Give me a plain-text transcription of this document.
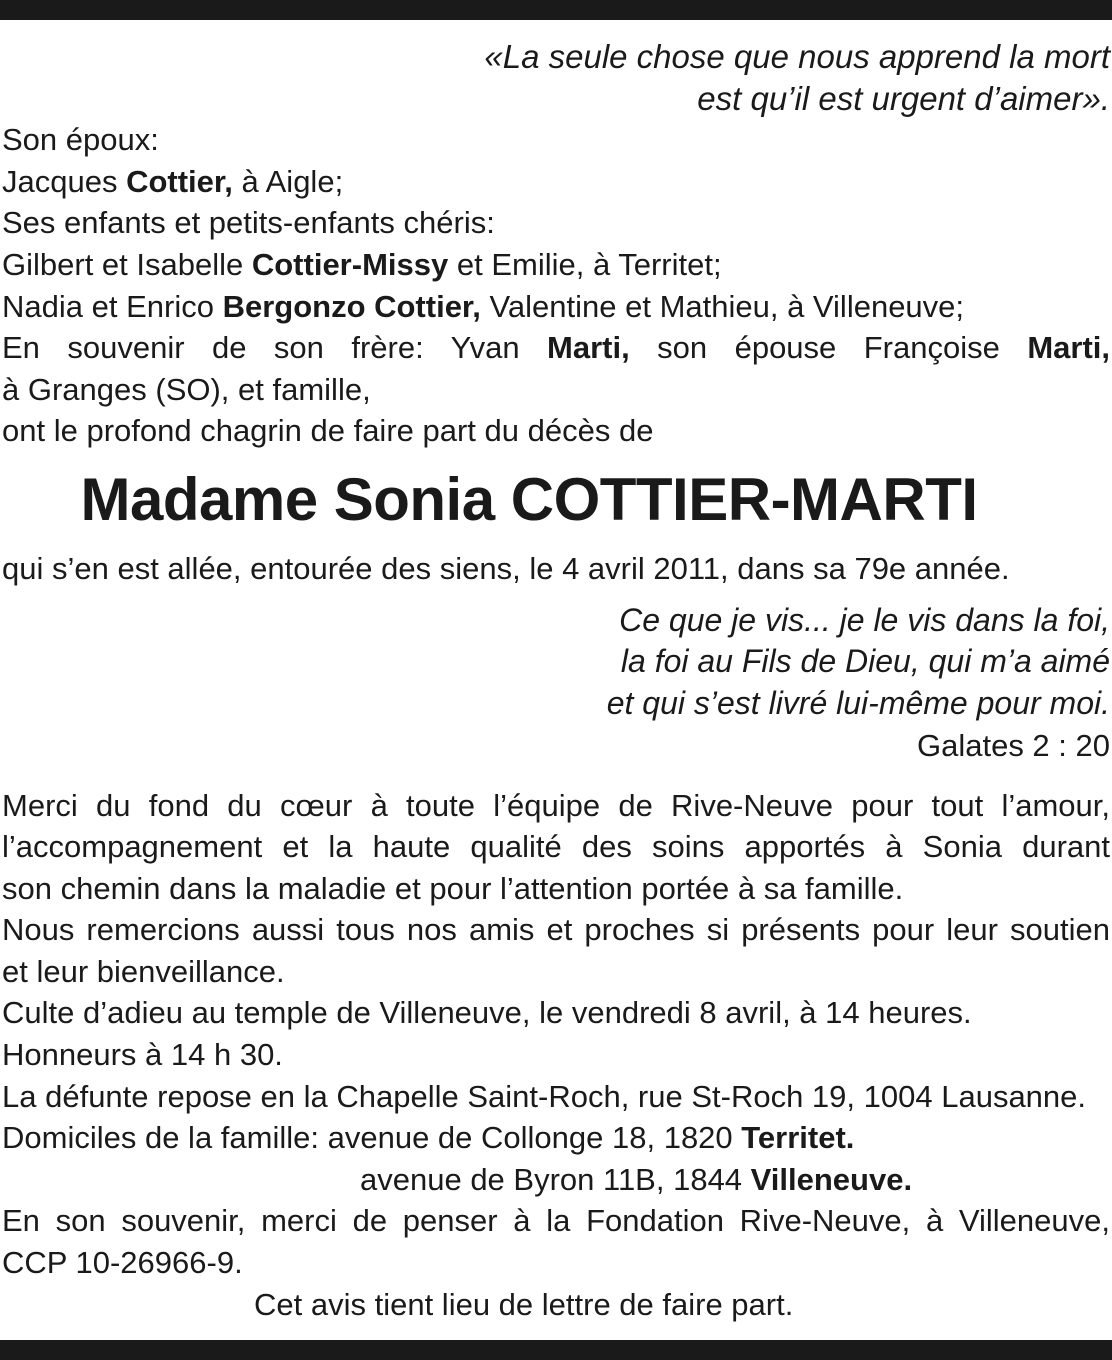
«La seule chose que nous apprend la mort
est qu’il est urgent d’aimer».
Son époux:
Jacques Cottier, à Aigle;
Ses enfants et petits-enfants chéris:
Gilbert et Isabelle Cottier-Missy et Emilie, à Territet;
Nadia et Enrico Bergonzo Cottier, Valentine et Mathieu, à Villeneuve;
En souvenir de son frère: Yvan Marti, son épouse Françoise Marti,
à Granges (SO), et famille,
ont le profond chagrin de faire part du décès de
Madame Sonia COTTIER-MARTI
qui s’en est allée, entourée des siens, le 4 avril 2011, dans sa 79e année.
Ce que je vis... je le vis dans la foi,
la foi au Fils de Dieu, qui m’a aimé
et qui s’est livré lui-même pour moi.
Galates 2 : 20
Merci du fond du cœur à toute l’équipe de Rive-Neuve pour tout l’amour,
l’accompagnement et la haute qualité des soins apportés à Sonia durant
son chemin dans la maladie et pour l’attention portée à sa famille.
Nous remercions aussi tous nos amis et proches si présents pour leur soutien
et leur bienveillance.
Culte d’adieu au temple de Villeneuve, le vendredi 8 avril, à 14 heures.
Honneurs à 14 h 30.
La défunte repose en la Chapelle Saint-Roch, rue St-Roch 19, 1004 Lausanne.
Domiciles de la famille: avenue de Collonge 18, 1820 Territet.
avenue de Byron 11B, 1844 Villeneuve.
En son souvenir, merci de penser à la Fondation Rive-Neuve, à Villeneuve,
CCP 10-26966-9.
Cet avis tient lieu de lettre de faire part.
